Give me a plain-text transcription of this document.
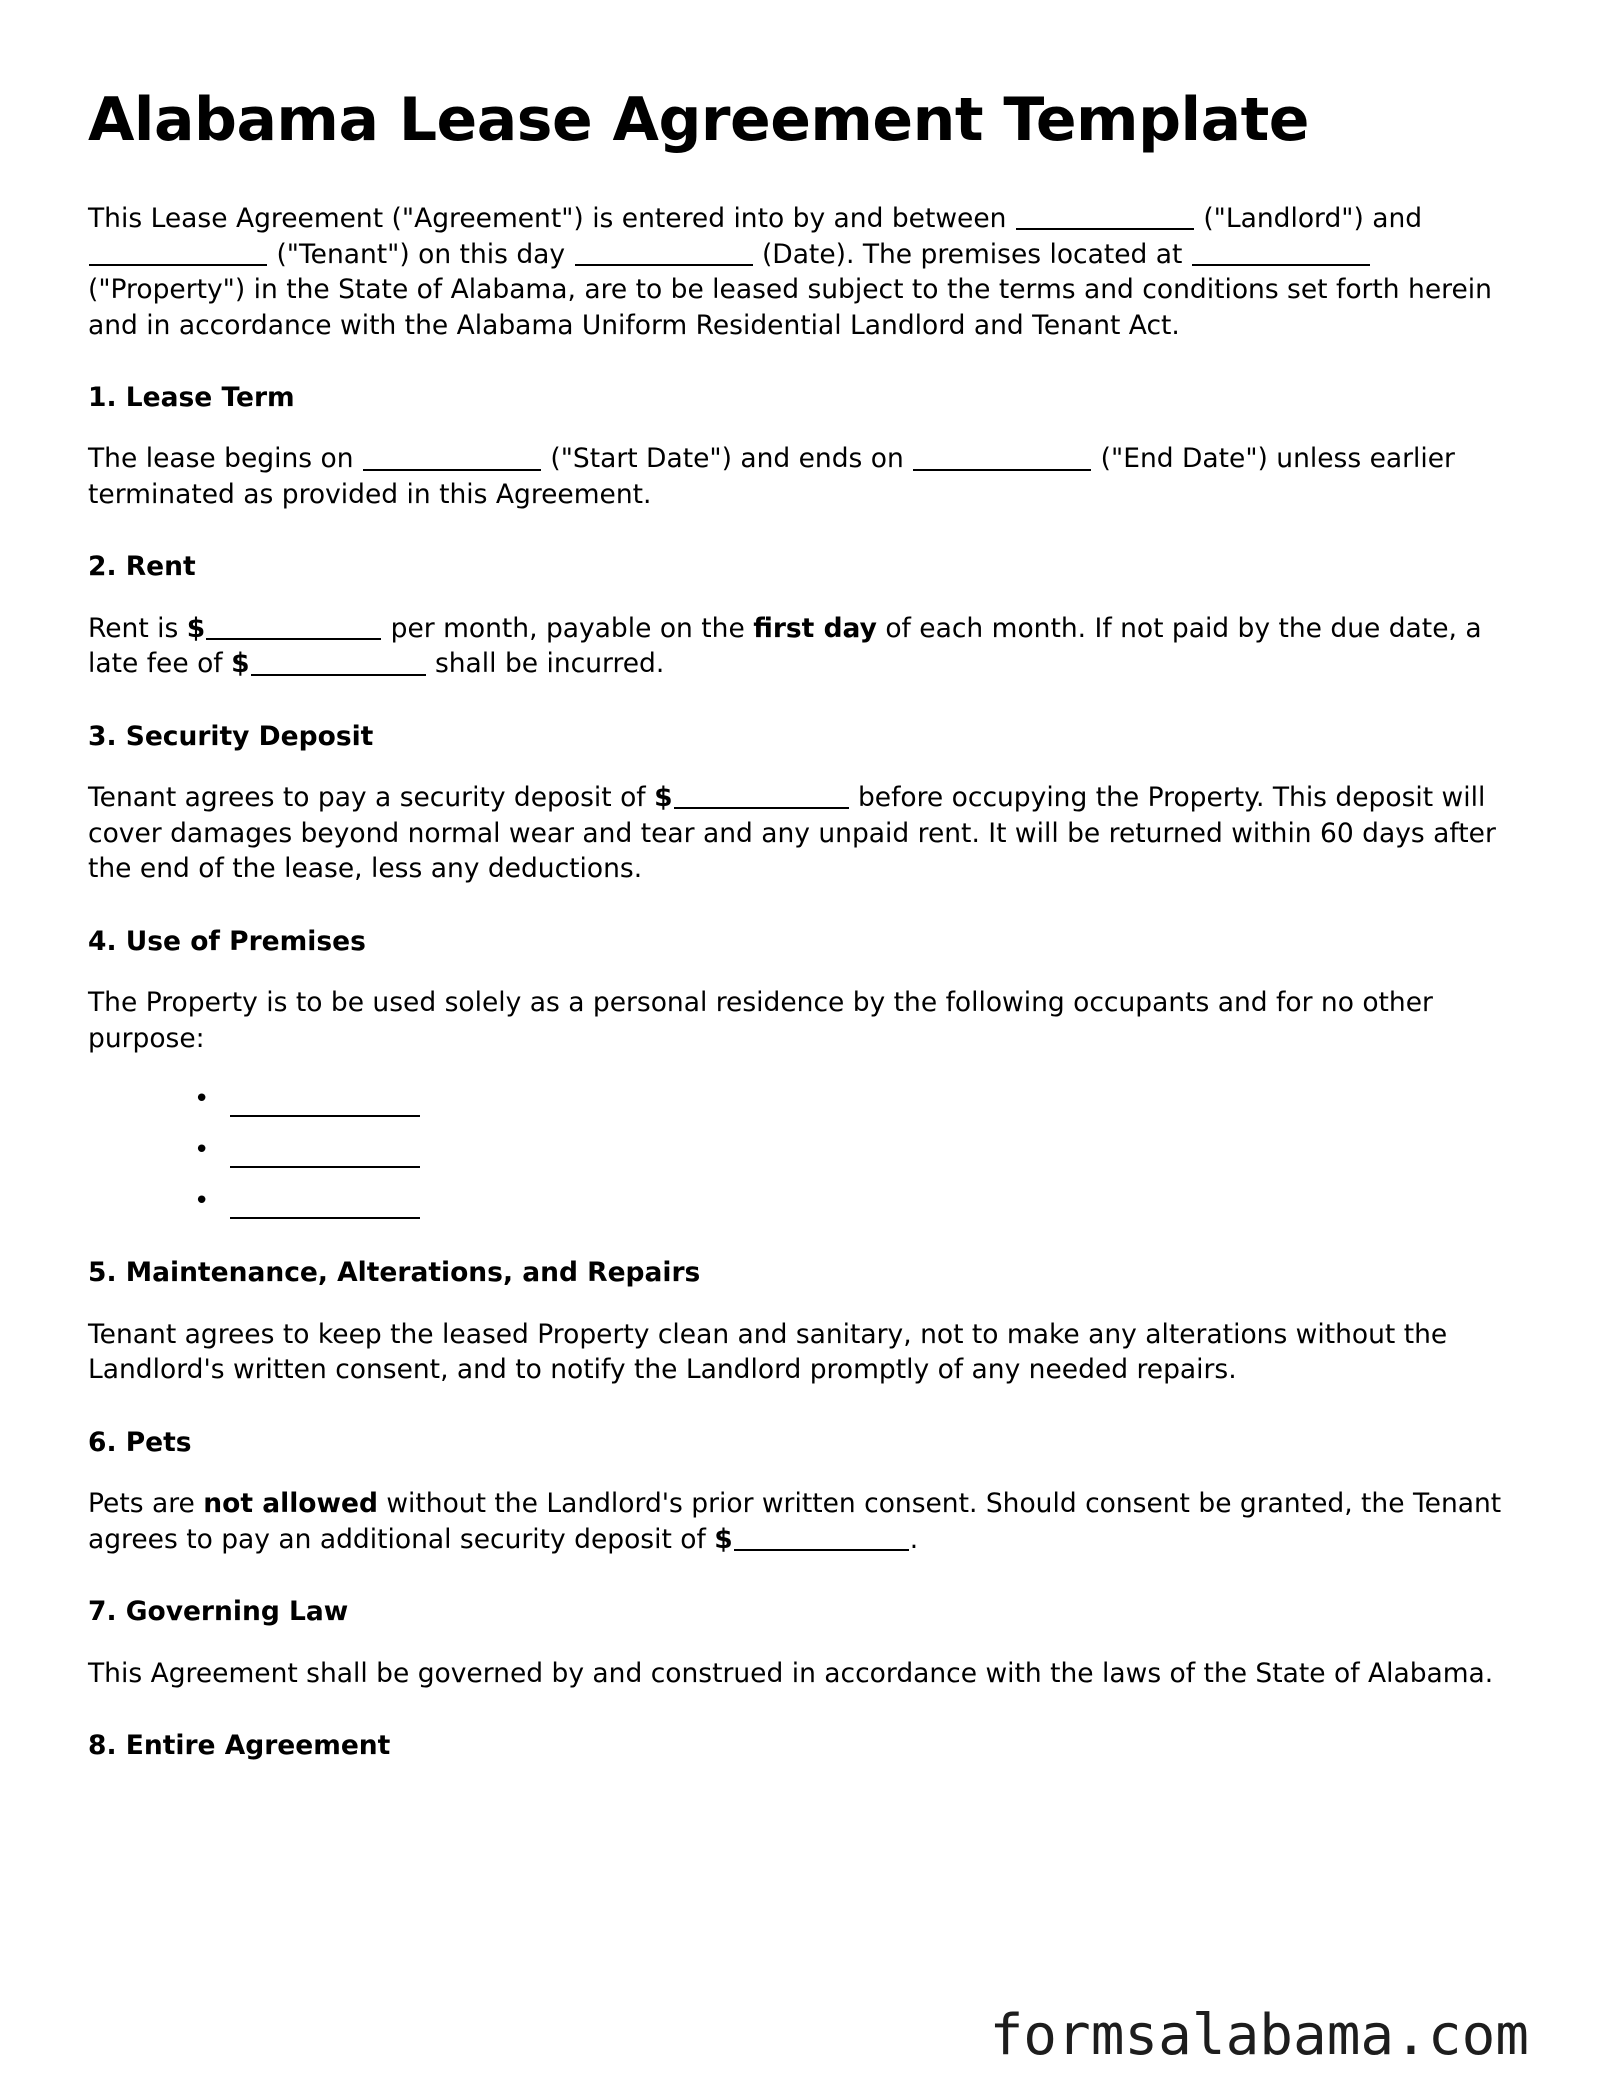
Alabama Lease Agreement Template

This Lease Agreement ("Agreement") is entered into by and between	("Landlord") and  ("Tenant") on this day	(Date). The premises located at  ("Property") in the State of Alabama, are to be leased subject to the terms and conditions set forth herein and in accordance with the Alabama Uniform Residential Landlord and Tenant Act.

1. Lease Term

The lease begins on	("Start Date") and ends on	("End Date") unless earlier terminated as provided in this Agreement.

2. Rent

Rent is $	per month, payable on the first day of each month. If not paid by the due date, a late fee of $	shall be incurred.

3. Security Deposit

Tenant agrees to pay a security deposit of $	before occupying the Property. This deposit will cover damages beyond normal wear and tear and any unpaid rent. It will be returned within 60 days after the end of the lease, less any deductions.

4. Use of Premises

The Property is to be used solely as a personal residence by the following occupants and for no other purpose:

•
•
•
5. Maintenance, Alterations, and Repairs

Tenant agrees to keep the leased Property clean and sanitary, not to make any alterations without the Landlord's written consent, and to notify the Landlord promptly of any needed repairs.

6. Pets

Pets are not allowed without the Landlord's prior written consent. Should consent be granted, the Tenant agrees to pay an additional security deposit of $	.

7. Governing Law

This Agreement shall be governed by and construed in accordance with the laws of the State of Alabama.

8. Entire Agreement
formsalabama.com
